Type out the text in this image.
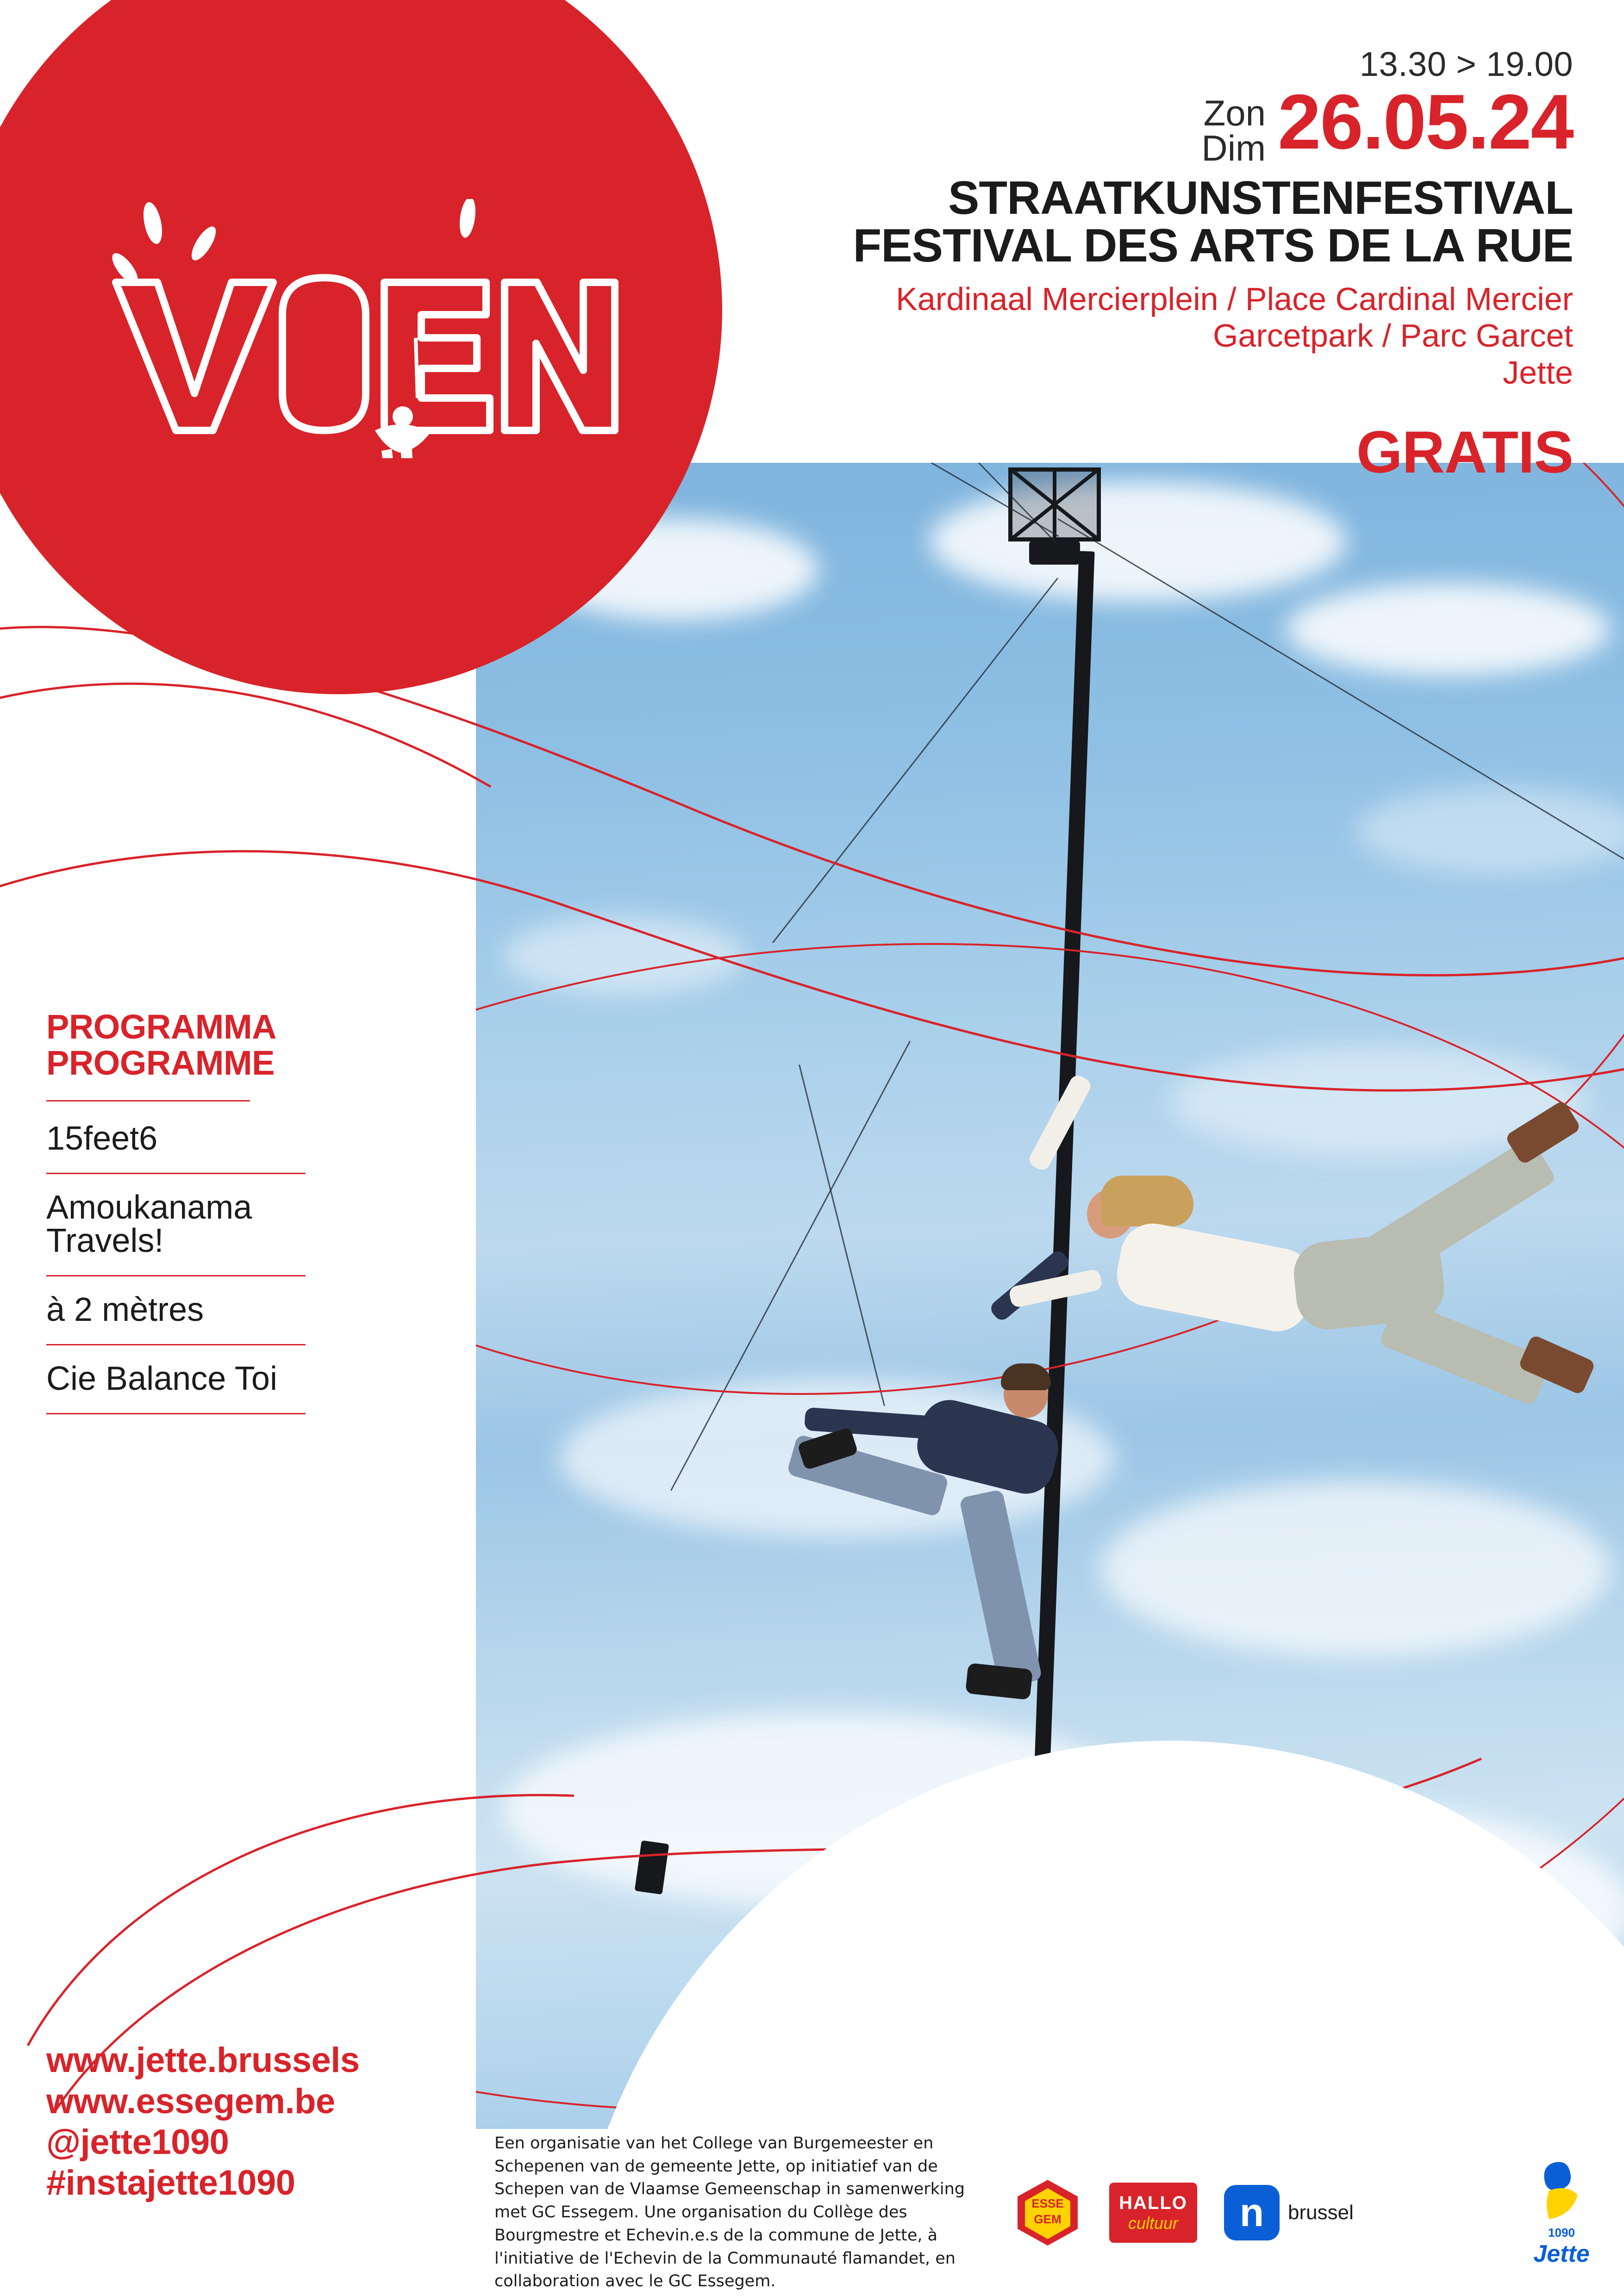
13.30 > 19.00
Zon
Dim 26.05.24
STRAATKUNSTENFESTIVAL
FESTIVAL DES ARTS DE LA RUE
Kardinaal Mercierplein / Place Cardinal Mercier
Garcetpark / Parc Garcet
Jette
GRATIS
PROGRAMMA
PROGRAMME
15feet6
Amoukanama Travels!
à 2 mètres
Cie Balance Toi
www.jette.brussels
www.essegem.be
@jette1090
#instajette1090
Een organisatie van het College van Burgemeester en Schepenen van de gemeente Jette, op initiatief van de Schepen van de Vlaamse Gemeenschap in samenwerking met GC Essegem. Une organisation du Collège des Bourgmestre et Echevin.e.s de la commune de Jette, à l'initiative de l'Echevin de la Communauté flamandet, en collaboration avec le GC Essegem.
ESSE
GEM
HALLO
cultuur	n	brussel
1090
Jette
